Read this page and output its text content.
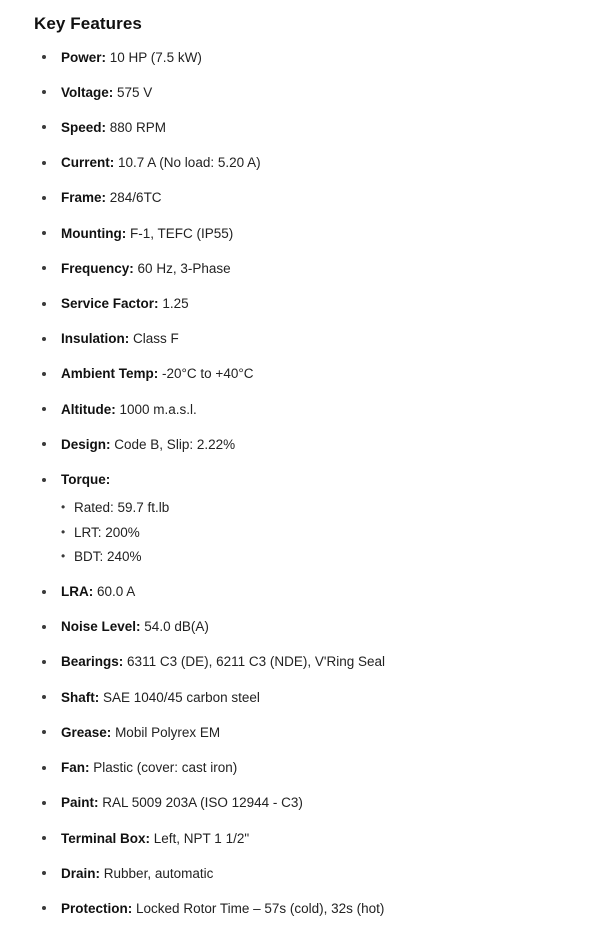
Key Features
Power: 10 HP (7.5 kW)
Voltage: 575 V
Speed: 880 RPM
Current: 10.7 A (No load: 5.20 A)
Frame: 284/6TC
Mounting: F-1, TEFC (IP55)
Frequency: 60 Hz, 3-Phase
Service Factor: 1.25
Insulation: Class F
Ambient Temp: -20°C to +40°C
Altitude: 1000 m.a.s.l.
Design: Code B, Slip: 2.22%
Torque:
• Rated: 59.7 ft.lb
• LRT: 200%
• BDT: 240%
LRA: 60.0 A
Noise Level: 54.0 dB(A)
Bearings: 6311 C3 (DE), 6211 C3 (NDE), V'Ring Seal
Shaft: SAE 1040/45 carbon steel
Grease: Mobil Polyrex EM
Fan: Plastic (cover: cast iron)
Paint: RAL 5009 203A (ISO 12944 - C3)
Terminal Box: Left, NPT 1 1/2"
Drain: Rubber, automatic
Protection: Locked Rotor Time – 57s (cold), 32s (hot)
